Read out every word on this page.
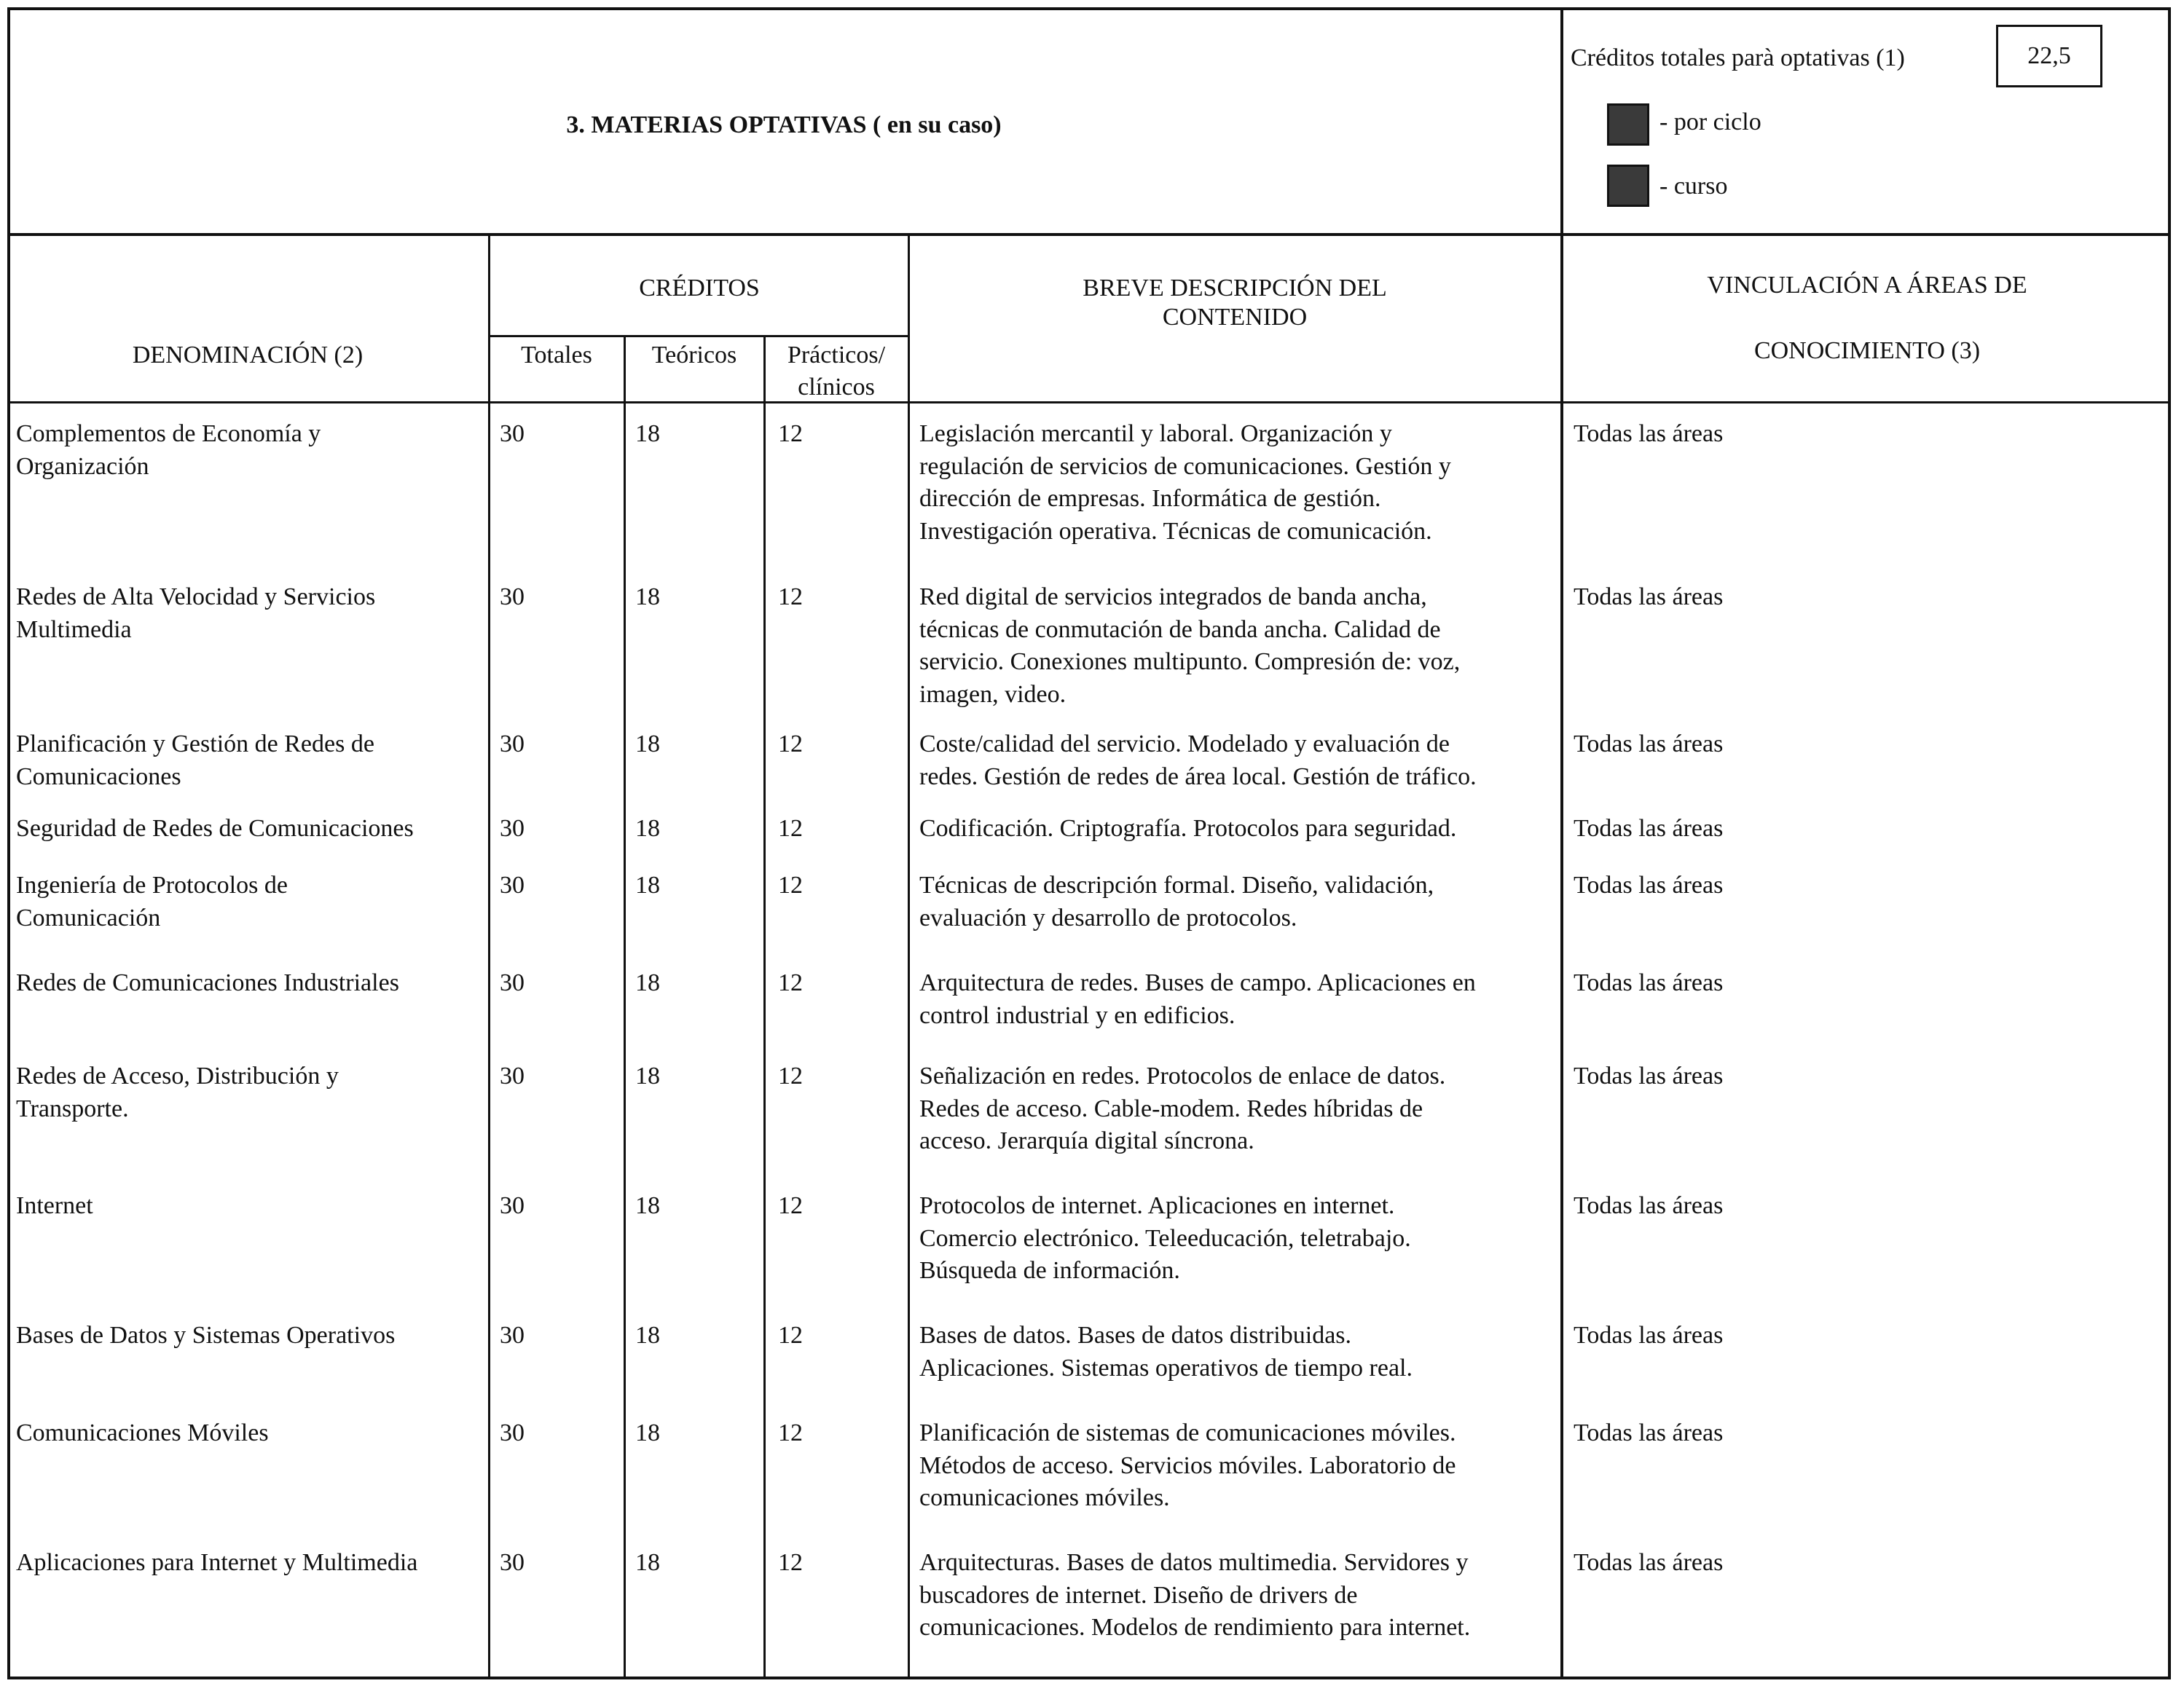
3. MATERIAS OPTATIVAS ( en su caso)
Créditos totales parà optativas (1)	22,5
- por ciclo
- curso
DENOMINACIÓN (2)
CRÉDITOS
Totales	Teóricos	Prácticos/
clínicos
BREVE DESCRIPCIÓN DEL
CONTENIDO
VINCULACIÓN A ÁREAS DE
CONOCIMIENTO (3)
Complementos de Economía y
Organización
30	18	12	Legislación mercantil y laboral. Organización y
regulación de servicios de comunicaciones. Gestión y
dirección de empresas. Informática de gestión.
Investigación operativa. Técnicas de comunicación.
Todas las áreas
Redes de Alta Velocidad y Servicios
Multimedia
30	18	12	Red digital de servicios integrados de banda ancha,
técnicas de conmutación de banda ancha. Calidad de
servicio. Conexiones multipunto. Compresión de: voz,
imagen, video.
Todas las áreas
Planificación y Gestión de Redes de
Comunicaciones
30	18	12	Coste/calidad del servicio. Modelado y evaluación de
redes. Gestión de redes de área local. Gestión de tráfico.
Todas las áreas
Seguridad de Redes de Comunicaciones	30	18	12	Codificación. Criptografía. Protocolos para seguridad.	Todas las áreas
Ingeniería de Protocolos de
Comunicación
30	18	12	Técnicas de descripción formal. Diseño, validación,
evaluación y desarrollo de protocolos.
Todas las áreas
Redes de Comunicaciones Industriales	30	18	12	Arquitectura de redes. Buses de campo. Aplicaciones en
control industrial y en edificios.
Todas las áreas
Redes de Acceso, Distribución y
Transporte.
30	18	12	Señalización en redes. Protocolos de enlace de datos.
Redes de acceso. Cable-modem. Redes híbridas de
acceso. Jerarquía digital síncrona.
Todas las áreas
Internet	30	18	12	Protocolos de internet. Aplicaciones en internet.
Comercio electrónico. Teleeducación, teletrabajo.
Búsqueda de información.
Todas las áreas
Bases de Datos y Sistemas Operativos	30	18	12	Bases de datos. Bases de datos distribuidas.
Aplicaciones. Sistemas operativos de tiempo real.
Todas las áreas
Comunicaciones Móviles	30	18	12	Planificación de sistemas de comunicaciones móviles.
Métodos de acceso. Servicios móviles. Laboratorio de
comunicaciones móviles.
Todas las áreas
Aplicaciones para Internet y Multimedia	30	18	12	Arquitecturas. Bases de datos multimedia. Servidores y
buscadores de internet. Diseño de drivers de
comunicaciones. Modelos de rendimiento para internet.
Todas las áreas
